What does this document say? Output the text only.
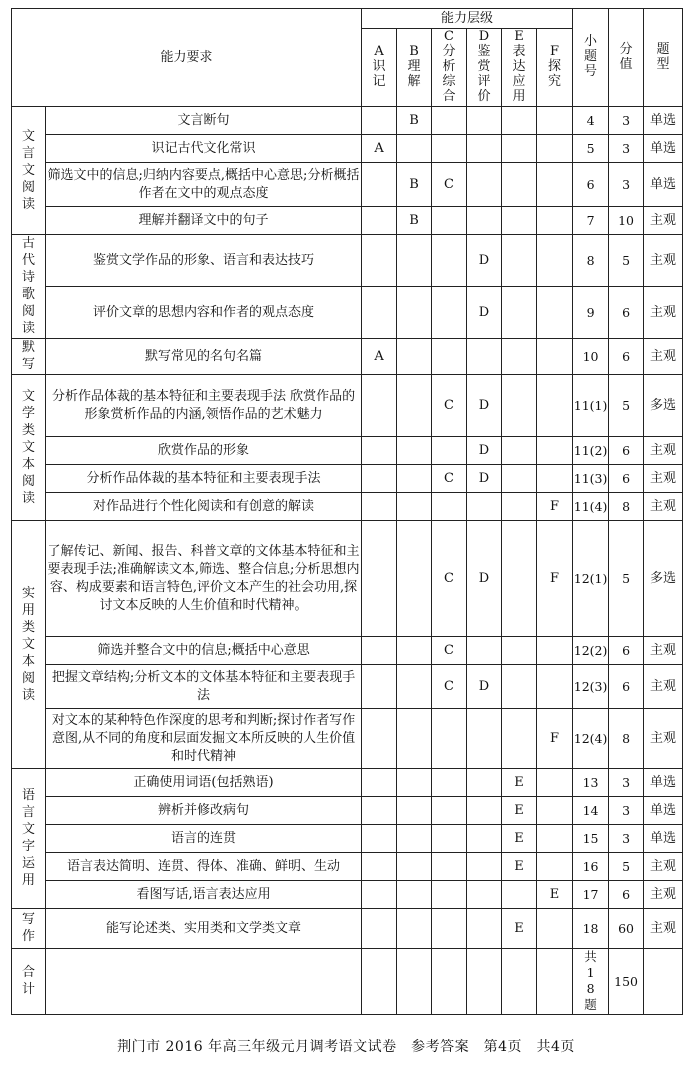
能力要求		能力层级						小题号	分值	题型
		A识记	B理解	C分析综合	D鉴赏评价	E表达应用	F探究			
文言文阅读	文言断句		B					4	3	单选
	识记古代文化常识	A						5	3	单选
	筛选文中的信息;归纳内容要点,概括中心意思;分析概括作者在文中的观点态度		B	C				6	3	单选
	理解并翻译文中的句子		B					7	10	主观
古代诗歌阅读	鉴赏文学作品的形象、语言和表达技巧				D			8	5	主观
	评价文章的思想内容和作者的观点态度				D			9	6	主观
默写	默写常见的名句名篇	A						10	6	主观
文学类文本阅读	分析作品体裁的基本特征和主要表现手法 欣赏作品的形象赏析作品的内涵,领悟作品的艺术魅力			C	D			11(1)	5	多选
	欣赏作品的形象				D			11(2)	6	主观
	分析作品体裁的基本特征和主要表现手法			C	D			11(3)	6	主观
	对作品进行个性化阅读和有创意的解读						F	11(4)	8	主观
实用类文本阅读	了解传记、新闻、报告、科普文章的文体基本特征和主要表现手法;准确解读文本,筛选、整合信息;分析思想内容、构成要素和语言特色,评价文本产生的社会功用,探讨文本反映的人生价值和时代精神。			C	D		F	12(1)	5	多选
	筛选并整合文中的信息;概括中心意思			C				12(2)	6	主观
	把握文章结构;分析文本的文体基本特征和主要表现手法			C	D			12(3)	6	主观
	对文本的某种特色作深度的思考和判断;探讨作者写作意图,从不同的角度和层面发掘文本所反映的人生价值和时代精神						F	12(4)	8	主观
语言文字运用	正确使用词语(包括熟语)					E		13	3	单选
	辨析并修改病句					E		14	3	单选
	语言的连贯					E		15	3	单选
	语言表达简明、连贯、得体、准确、鲜明、生动					E		16	5	主观
	看图写话,语言表达应用						E	17	6	主观
写作	能写论述类、实用类和文学类文章					E		18	60	主观
合计								共18题	150	
荆门市 2016 年高三年级元月调考语文试卷　参考答案　第4页　共4页
